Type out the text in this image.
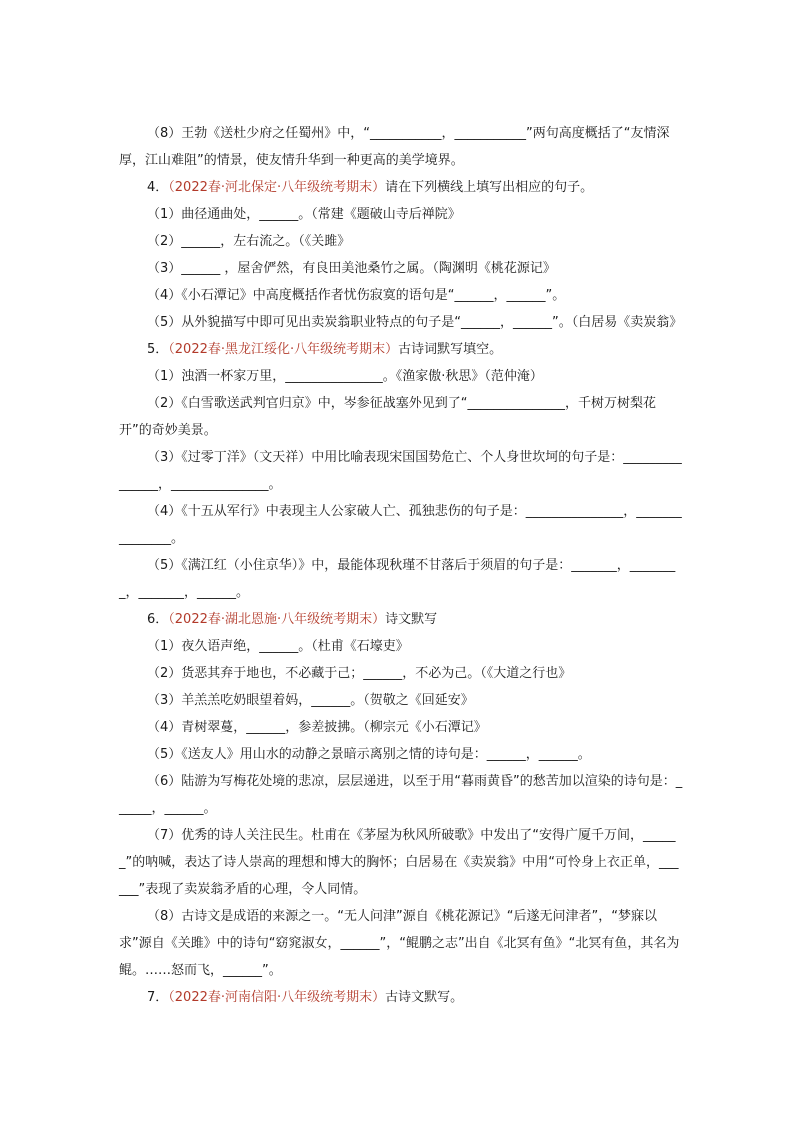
（8）王勃《送杜少府之任蜀州》中，“___________，___________”两句高度概括了“友情深厚，江山难阻”的情景，使友情升华到一种更高的美学境界。

4．（2022春·河北保定·八年级统考期末）请在下列横线上填写出相应的句子。

（1）曲径通曲处，______。（常建《题破山寺后禅院》

（2）______，左右流之。（《关雎》

（3）______ ，屋舍俨然，有良田美池桑竹之属。（陶渊明《桃花源记》

（4）《小石潭记》中高度概括作者忧伤寂寞的语句是“______，______”。

（5）从外貌描写中即可见出卖炭翁职业特点的句子是“______，______”。（白居易《卖炭翁》

5．（2022春·黑龙江绥化·八年级统考期末）古诗词默写填空。

（1）浊酒一杯家万里，_______________。《渔家傲·秋思》（范仲淹）

（2）《白雪歌送武判官归京》中，岑参征战塞外见到了“_______________，千树万树梨花开”的奇妙美景。

（3）《过零丁洋》（文天祥）中用比喻表现宋国国势危亡、个人身世坎坷的句子是：_______________，_______________。

（4）《十五从军行》中表现主人公家破人亡、孤独悲伤的句子是：_______________，_______________。

（5）《满江红（小住京华）》中，最能体现秋瑾不甘落后于须眉的句子是：_______，________，_______，______。

6．（2022春·湖北恩施·八年级统考期末）诗文默写

（1）夜久语声绝，______。（杜甫《石壕吏》

（2）货恶其弃于地也，不必藏于己；______，不必为己。（《大道之行也》

（3）羊羔羔吃奶眼望着妈，______。（贺敬之《回延安》

（4）青树翠蔓，______，参差披拂。（柳宗元《小石潭记》

（5）《送友人》用山水的动静之景暗示离别之情的诗句是：______，______。

（6）陆游为写梅花处境的悲凉，层层递进，以至于用“暮雨黄昏”的愁苦加以渲染的诗句是：______，______。

（7）优秀的诗人关注民生。杜甫在《茅屋为秋风所破歌》中发出了“安得广厦千万间，______”的呐喊，表达了诗人崇高的理想和博大的胸怀；白居易在《卖炭翁》中用“可怜身上衣正单，______”表现了卖炭翁矛盾的心理，令人同情。

（8）古诗文是成语的来源之一。“无人问津”源自《桃花源记》“后遂无问津者”，“梦寐以求”源自《关雎》中的诗句“窈窕淑女，______”，“鲲鹏之志”出自《北冥有鱼》“北冥有鱼，其名为鲲。……怒而飞，______”。

7．（2022春·河南信阳·八年级统考期末）古诗文默写。
